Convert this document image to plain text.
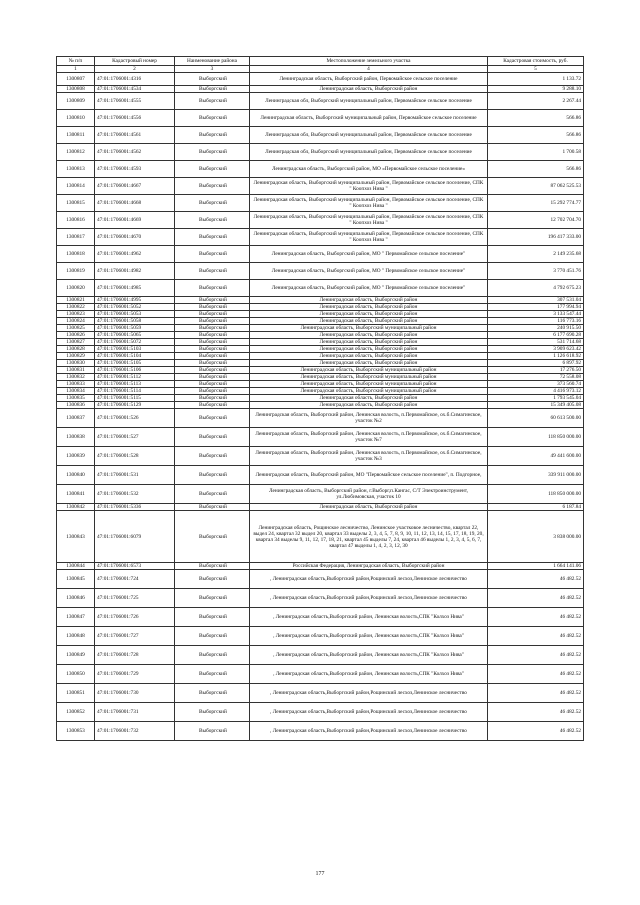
№ п/п	Кадастровый номер	Наименование района	Местоположение земельного участка	Кадастровая стоимость, руб.
1	2	3	4	5
1300807	47:01:1706001:4316	Выборгский	Ленинградская область, Выборгский район, Первомайское сельское поселение	1 133.72
1300808	47:01:1706001:4534	Выборгский	Ленинградская область, Выборгский район	9 288.10
1300809	47:01:1706001:4555	Выборгский	Ленинградская обл, Выборгский муниципальный район, Первомайское сельское поселение	2 267.44
1300810	47:01:1706001:4556	Выборгский	Ленинградская область, Выборгский муниципальный район, Первомайское сельское поселение	566.86
1300811	47:01:1706001:4561	Выборгский	Ленинградская обл, Выборгский муниципальный район, Первомайское сельское поселение	566.86
1300812	47:01:1706001:4562	Выборгский	Ленинградская обл, Выборгский муниципальный район, Первомайское сельское поселение	1 700.58
1300813	47:01:1706001:4593	Выборгский	Ленинградская область, Выборгский район, МО «Первомайское сельское поселение»	566.86
1300814	47:01:1706001:4667	Выборгский	Ленинградская область, Выборгский муниципальный район, Первомайское сельское поселение, СПК " Коопхоз Нива "	87 062 525.53
1300815	47:01:1706001:4668	Выборгский	Ленинградская область, Выборгский муниципальный район, Первомайское сельское поселение, СПК " Коопхоз Нива "	15 292 774.77
1300816	47:01:1706001:4669	Выборгский	Ленинградская область, Выборгский муниципальный район, Первомайское сельское поселение, СПК " Коопхоз Нива "	12 702 704.70
1300817	47:01:1706001:4670	Выборгский	Ленинградская область, Выборгский муниципальный район, Первомайское сельское поселение, СПК " Коопхоз Нива "	196 417 333.00
1300818	47:01:1706001:4962	Выборгский	Ленинградская область, Выборгский район, МО " Первомайское сельское поселение"	2 149 235.68
1300819	47:01:1706001:4982	Выборгский	Ленинградская область, Выборгский район, МО " Первомайское сельское поселение"	3 770 451.76
1300820	47:01:1706001:4985	Выборгский	Ленинградская область, Выборгский район, МО " Первомайское сельское поселение"	4 792 675.23
1300821	47:01:1706001:4995	Выборгский	Ленинградская область, Выборгский район	307 531.04
1300822	47:01:1706001:5052	Выборгский	Ленинградская область, Выборгский район	177 994.94
1300823	47:01:1706001:5053	Выборгский	Ленинградская область, Выборгский район	3 133 547.44
1300824	47:01:1706001:5058	Выборгский	Ленинградская область, Выборгский район	116 773.16
1300825	47:01:1706001:5059	Выборгский	Ленинградская область, Выборгский муниципальный район	240 915.50
1300826	47:01:1706001:5065	Выборгский	Ленинградская область, Выборгский район	6 177 690.28
1300827	47:01:1706001:5072	Выборгский	Ленинградская область, Выборгский район	531 714.68
1300828	47:01:1706001:5103	Выборгский	Ленинградская область, Выборгский район	3 909 623.42
1300829	47:01:1706001:5104	Выборгский	Ленинградская область, Выборгский район	1 126 618.92
1300830	47:01:1706001:5105	Выборгский	Ленинградская область, Выборгский район	6 897.92
1300831	47:01:1706001:5106	Выборгский	Ленинградская область, Выборгский муниципальный район	17 276.50
1300832	47:01:1706001:5112	Выборгский	Ленинградская область, Выборгский муниципальный район	72 558.08
1300833	47:01:1706001:5113	Выборгский	Ленинградская область, Выборгский муниципальный район	373 560.74
1300834	47:01:1706001:5114	Выборгский	Ленинградская область, Выборгский муниципальный район	4 416 973.12
1300835	47:01:1706001:5115	Выборгский	Ленинградская область, Выборгский район	1 793 545.04
1300836	47:01:1706001:5129	Выборгский	Ленинградская область, Выборгский район	15 349 405.08
1300837	47:01:1706001:526	Выборгский	Ленинградская область, Выборгский район, Ленинская волость, п.Первомайское, ох.б.Симагинское, участок №2	60 613 500.00
1300838	47:01:1706001:527	Выборгский	Ленинградская область, Выборгский район, Ленинская волость, п.Первомайское, ох.б.Симагинское, участок №7	118 850 000.00
1300839	47:01:1706001:528	Выборгский	Ленинградская область, Выборгский район, Ленинская волость, п.Первомайское, ох.б.Симагинское, участок №3	49 441 600.00
1300840	47:01:1706001:531	Выборгский	Ленинградская область, Выборгский район, МО "Первомайское сельское поселение", п. Подгорное,	339 911 000.00
1300841	47:01:1706001:532	Выборгский	Ленинградская область, Выборгский район, г.Выборг,п.Кангас, С/Т Электроинструмент, ул.Любимовская, участок 10	118 850 000.00
1300842	47:01:1706001:5336	Выборгский	Ленинградская область, Выборгский район	6 187.84
1300843	47:01:1706001:6079	Выборгский	Ленинградская область, Рощинское лесничество, Ленинское участковое лесничество, квартал 22, выдел 24, квартал 32 выдел 20, квартал 33 выделы 2, 3, 4, 5, 7, 8, 9, 10, 11, 12, 13, 14, 15, 17, 18, 19, 20, квартал 34 выделы 9, 11, 12, 17, 18, 21, квартал 45 выделы 7, 24, квартал 46 выделы 1, 2, 3, 4, 5, 6, 7, квартал 47 выделы 1, 4, 2, 3, 12, 30	3 838 000.00
1300844	47:01:1706001:6573	Выборгский	Российская Федерация, Ленинградская область, Выборгский район	1 664 141.06
1300845	47:01:1706001:724	Выборгский	, Ленинградская область,Выборгский район,Рощинский лесхоз,Ленинское лесничество	46 482.52
1300846	47:01:1706001:725	Выборгский	, Ленинградская область,Выборгский район,Рощинский лесхоз,Ленинское лесничество	46 482.52
1300847	47:01:1706001:726	Выборгский	, Ленинградская область,Выборгский район, Ленинская волость,СПК "Колхоз Нива"	46 482.52
1300848	47:01:1706001:727	Выборгский	, Ленинградская область,Выборгский район, Ленинская волость,СПК "Колхоз Нива"	46 482.52
1300849	47:01:1706001:728	Выборгский	, Ленинградская область,Выборгский район, Ленинская волость,СПК "Колхоз Нива"	46 482.52
1300850	47:01:1706001:729	Выборгский	, Ленинградская область,Выборгский район, Ленинская волость,СПК "Колхоз Нива"	46 482.52
1300851	47:01:1706001:730	Выборгский	, Ленинградская область,Выборгский район,Рощинский лесхоз,Ленинское лесничество	46 482.52
1300852	47:01:1706001:731	Выборгский	, Ленинградская область,Выборгский район,Рощинский лесхоз,Ленинское лесничество	46 482.52
1300853	47:01:1706001:732	Выборгский	, Ленинградская область,Выборгский район,Рощинский лесхоз,Ленинское лесничество	46 482.52
177
